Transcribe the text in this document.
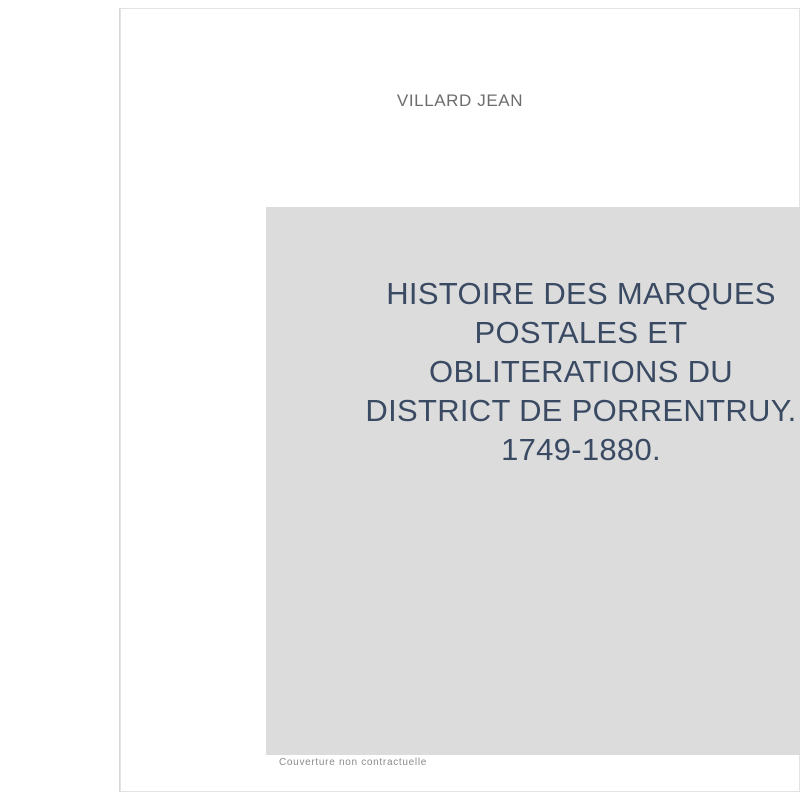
VILLARD JEAN
HISTOIRE DES MARQUES
POSTALES ET
OBLITERATIONS DU
DISTRICT DE PORRENTRUY.
1749-1880.
Couverture non contractuelle
